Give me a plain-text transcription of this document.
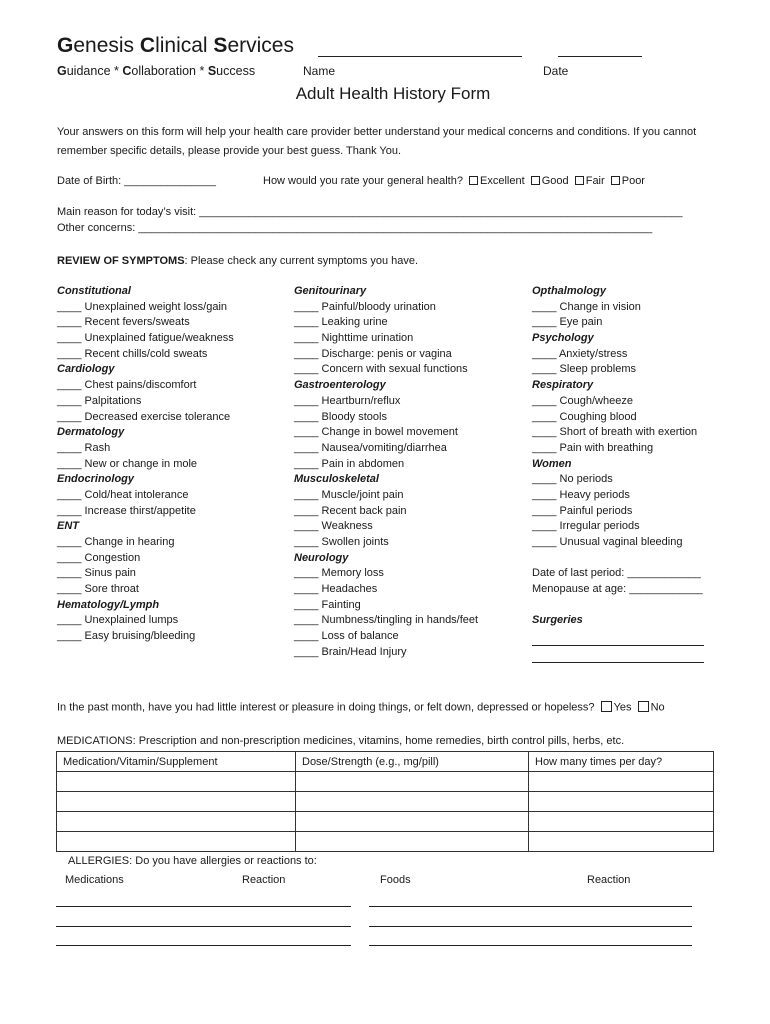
Genesis Clinical Services
Guidance * Collaboration * Success	Name	Date
Adult Health History Form
Your answers on this form will help your health care provider better understand your medical concerns and conditions. If you cannot remember specific details, please provide your best guess. Thank You.
Date of Birth: _______________	How would you rate your general health? Excellent Good Fair Poor
Main reason for today’s visit: _______________________________________________________________________________
Other concerns: ____________________________________________________________________________________
REVIEW OF SYMPTOMS: Please check any current symptoms you have.
Constitutional
____ Unexplained weight loss/gain
____ Recent fevers/sweats
____ Unexplained fatigue/weakness
____ Recent chills/cold sweats
Cardiology
____ Chest pains/discomfort
____ Palpitations
____ Decreased exercise tolerance
Dermatology
____ Rash
____ New or change in mole
Endocrinology
____ Cold/heat intolerance
____ Increase thirst/appetite
ENT
____ Change in hearing
____ Congestion
____ Sinus pain
____ Sore throat
Hematology/Lymph
____ Unexplained lumps
____ Easy bruising/bleeding
Genitourinary
____ Painful/bloody urination
____ Leaking urine
____ Nighttime urination
____ Discharge: penis or vagina
____ Concern with sexual functions
Gastroenterology
____ Heartburn/reflux
____ Bloody stools
____ Change in bowel movement
____ Nausea/vomiting/diarrhea
____ Pain in abdomen
Musculoskeletal
____ Muscle/joint pain
____ Recent back pain
____ Weakness
____ Swollen joints
Neurology
____ Memory loss
____ Headaches
____ Fainting
____ Numbness/tingling in hands/feet
____ Loss of balance
____ Brain/Head Injury
Opthalmology
____ Change in vision
____ Eye pain
Psychology
____ Anxiety/stress
____ Sleep problems
Respiratory
____ Cough/wheeze
____ Coughing blood
____ Short of breath with exertion
____ Pain with breathing
Women
____ No periods
____ Heavy periods
____ Painful periods
____ Irregular periods
____ Unusual vaginal bleeding
Date of last period: ____________
Menopause at age: ____________
Surgeries
In the past month, have you had little interest or pleasure in doing things, or felt down, depressed or hopeless? Yes No
MEDICATIONS: Prescription and non-prescription medicines, vitamins, home remedies, birth control pills, herbs, etc.
Medication/Vitamin/Supplement	Dose/Strength (e.g., mg/pill)	How many times per day?

ALLERGIES: Do you have allergies or reactions to:
Medications	Reaction	Foods	Reaction
